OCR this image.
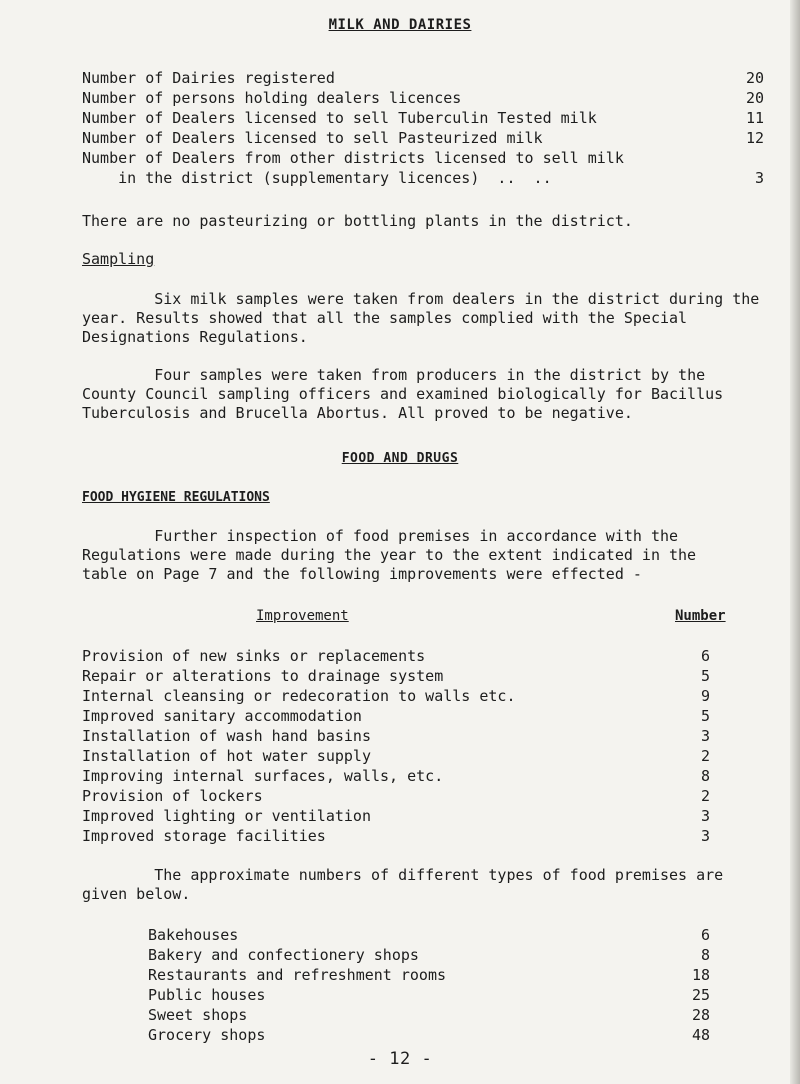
MILK AND DAIRIES
Number of Dairies registered	20
Number of persons holding dealers licences	20
Number of Dealers licensed to sell Tuberculin Tested milk	11
Number of Dealers licensed to sell Pasteurized milk	12
Number of Dealers from other districts licensed to sell milk
in the district (supplementary licences)  ..  ..	3
There are no pasteurizing or bottling plants in the district.
Sampling
Six milk samples were taken from dealers in the district during the
year. Results showed that all the samples complied with the Special
Designations Regulations.
Four samples were taken from producers in the district by the
County Council sampling officers and examined biologically for Bacillus
Tuberculosis and Brucella Abortus. All proved to be negative.
FOOD AND DRUGS
FOOD HYGIENE REGULATIONS
Further inspection of food premises in accordance with the
Regulations were made during the year to the extent indicated in the
table on Page 7 and the following improvements were effected -
Improvement	Number
Provision of new sinks or replacements	6
Repair or alterations to drainage system	5
Internal cleansing or redecoration to walls etc.	9
Improved sanitary accommodation	5
Installation of wash hand basins	3
Installation of hot water supply	2
Improving internal surfaces, walls, etc.	8
Provision of lockers	2
Improved lighting or ventilation	3
Improved storage facilities	3
The approximate numbers of different types of food premises are
given below.
Bakehouses	6
Bakery and confectionery shops	8
Restaurants and refreshment rooms	18
Public houses	25
Sweet shops	28
Grocery shops	48
- 12 -
